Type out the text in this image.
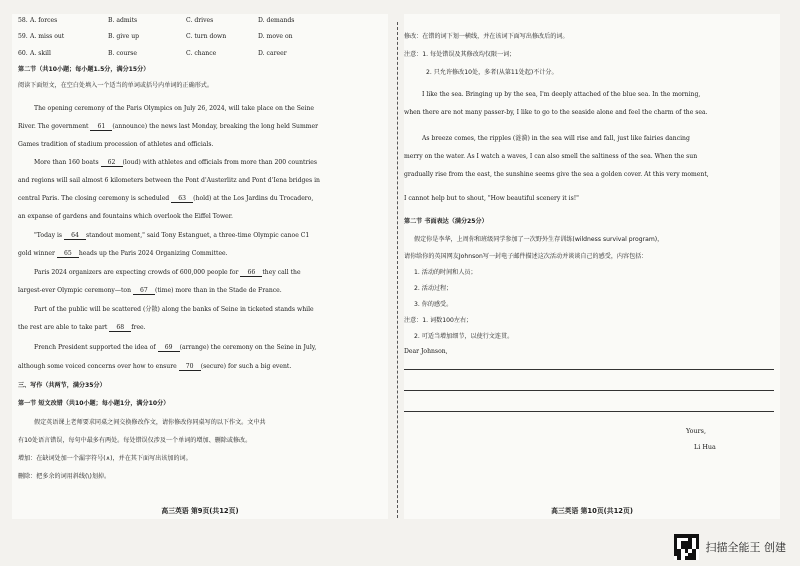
58. A. forces	B. admits	C. drives	D. demands
59. A. miss out	B. give up	C. turn down	D. move on
60. A. skill	B. course	C. chance	D. career
第二节（共10小题；每小题1.5分，满分15分）
阅读下面短文，在空白处填入一个适当的单词或括号内单词的正确形式。
The opening ceremony of the Paris Olympics on July 26, 2024, will take place on the Seine
River. The government 61 (announce) the news last Monday, breaking the long held Summer
Games tradition of stadium procession of athletes and officials.
More than 160 boats 62 (loud) with athletes and officials from more than 200 countries
and regions will sail almost 6 kilometers between the Pont d'Austerlitz and Pont d'Iena bridges in
central Paris. The closing ceremony is scheduled 63 (hold) at the Los Jardins du Trocadero,
an expanse of gardens and fountains which overlook the Eiffel Tower.
"Today is 64 standout moment," said Tony Estanguet, a three-time Olympic canoe C1
gold winner 65 heads up the Paris 2024 Organizing Committee.
Paris 2024 organizers are expecting crowds of 600,000 people for 66 they call the
largest-ever Olympic ceremony—ton 67 (time) more than in the Stade de France.
Part of the public will be scattered (分散) along the banks of Seine in ticketed stands while
the rest are able to take part 68 free.
French President supported the idea of 69 (arrange) the ceremony on the Seine in July,
although some voiced concerns over how to ensure 70 (secure) for such a big event.
三、写作（共两节，满分35分）
第一节 短文改错（共10小题；每小题1分，满分10分）
假定英语课上老师要求同桌之间交换修改作文，请你修改你同桌写的以下作文。文中共
有10处语言错误，每句中最多有两处。每处错误仅涉及一个单词的增加、删除或修改。
增加：在缺词处加一个漏字符号(∧)，并在其下面写出该加的词。
删除：把多余的词用斜线(\)划掉。
高三英语 第9页(共12页)
修改：在错的词下划一横线，并在该词下面写出修改后的词。
注意：1. 每处错误及其修改均仅限一词；
2. 只允许修改10处，多者(从第11处起)不计分。
I like the sea. Bringing up by the sea, I'm deeply attached of the blue sea. In the morning,
when there are not many passer-by, I like to go to the seaside alone and feel the charm of the sea.
As breeze comes, the ripples (涟漪) in the sea will rise and fall, just like fairies dancing
merry on the water. As I watch a waves, I can also smell the saltiness of the sea. When the sun
gradually rise from the east, the sunshine seems give the sea a golden cover. At this very moment,
I cannot help but to shout, "How beautiful scenery it is!"
第二节 书面表达（满分25分）
假定你是李华，上周你和班级同学参加了一次野外生存训练(wildness survival program)，
请你给你的英国网友Johnson写一封电子邮件描述这次活动并谈谈自己的感受，内容包括：
1. 活动的时间和人员；
2. 活动过程；
3. 你的感受。
注意：1. 词数100左右；
2. 可适当增加细节，以使行文连贯。
Dear Johnson,
Yours,
Li Hua
高三英语 第10页(共12页)
扫描全能王 创建
